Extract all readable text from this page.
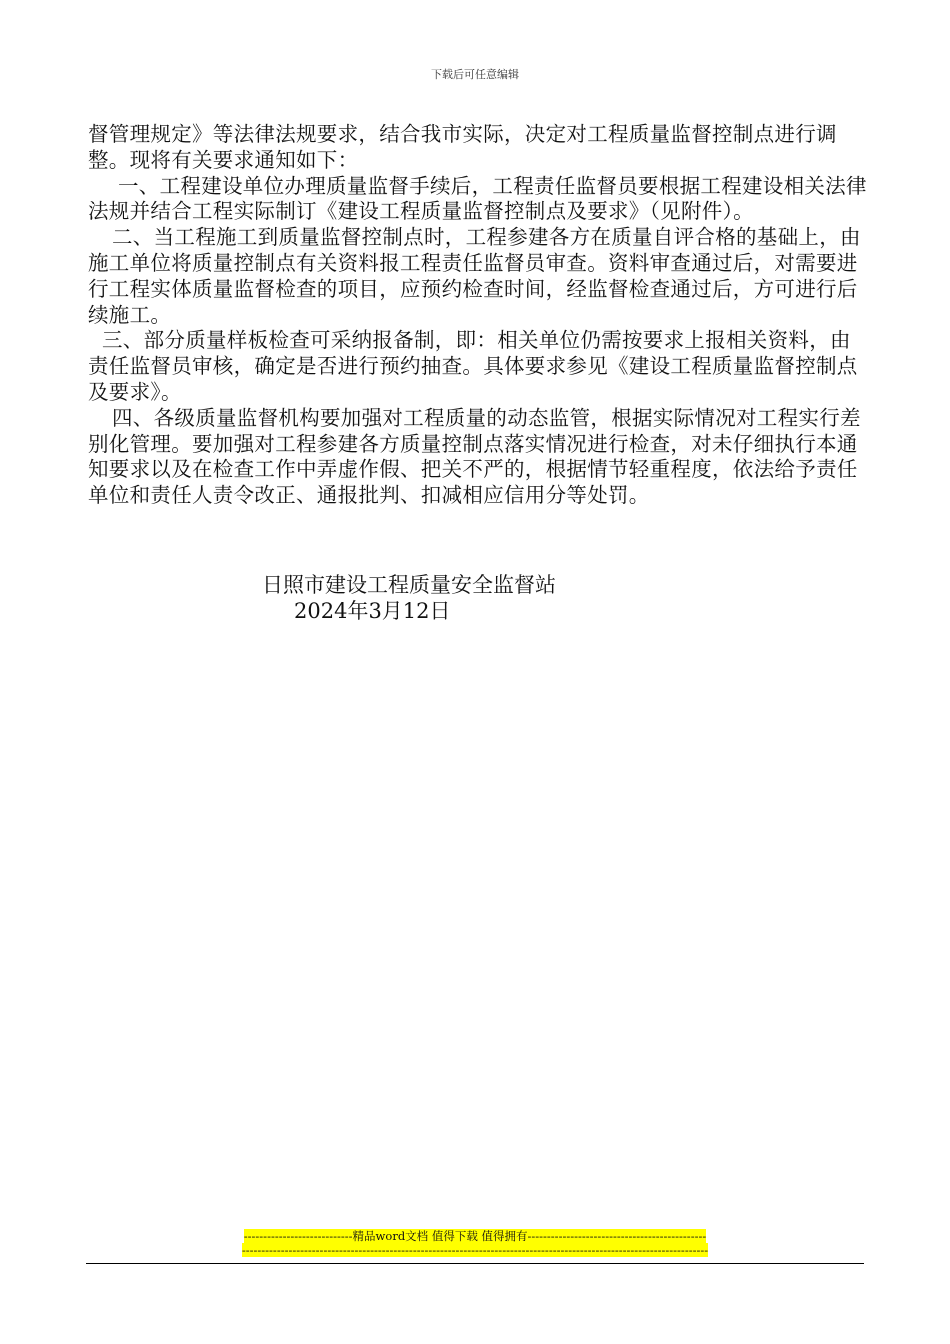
下载后可任意编辑

督管理规定》等法律法规要求，结合我市实际，决定对工程质量监督控制点进行调整。现将有关要求通知如下：

一、工程建设单位办理质量监督手续后，工程责任监督员要根据工程建设相关法律法规并结合工程实际制订《建设工程质量监督控制点及要求》（见附件）。

二、当工程施工到质量监督控制点时，工程参建各方在质量自评合格的基础上，由施工单位将质量控制点有关资料报工程责任监督员审查。资料审查通过后，对需要进行工程实体质量监督检查的项目，应预约检查时间，经监督检查通过后，方可进行后续施工。

三、部分质量样板检查可采纳报备制，即：相关单位仍需按要求上报相关资料，由责任监督员审核，确定是否进行预约抽查。具体要求参见《建设工程质量监督控制点及要求》。

四、各级质量监督机构要加强对工程质量的动态监管，根据实际情况对工程实行差别化管理。要加强对工程参建各方质量控制点落实情况进行检查，对未仔细执行本通知要求以及在检查工作中弄虚作假、把关不严的，根据情节轻重程度，依法给予责任单位和责任人责令改正、通报批判、扣减相应信用分等处罚。

日照市建设工程质量安全监督站
2024年3月12日
----------------------------精品word文档 值得下载 值得拥有----------------------------------------------
------------------------------------------------------------------------------------------------------------------------
